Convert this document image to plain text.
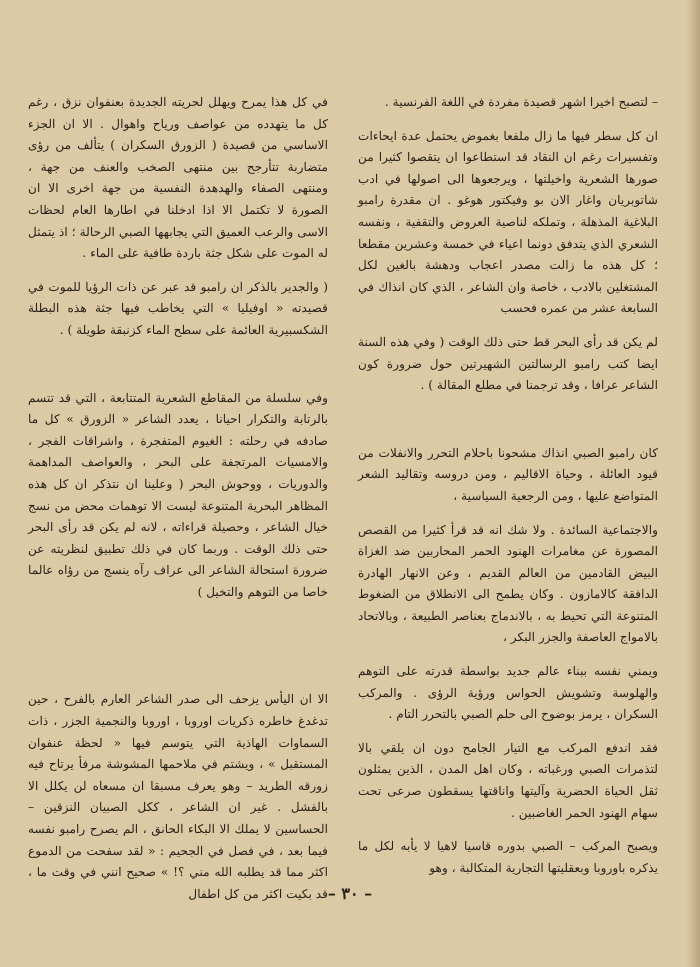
– لتصبح اخيرا اشهر قصيدة مفردة في اللغة الفرنسية .

ان كل سطر فيها ما زال ملفعا بغموض يحتمل عدة ايحاءات وتفسيرات رغم ان النقاد قد استطاعوا ان يتقصوا كثيرا من صورها الشعرية واخيلتها ، ويرجعوها الى اصولها في ادب شاتوبريان واغار الان بو وفيكتور هوغو . ان مقدرة رامبو البلاغية المذهلة ، وتملكه لناصية العروض والتقفية ، ونفسه الشعري الذي يتدفق دونما اعياء في خمسة وعشرين مقطعا ؛ كل هذه ما زالت مصدر اعجاب ودهشة بالغين لكل المشتغلين بالادب ، خاصة وان الشاعر ، الذي كان انذاك في السابعة عشر من عمره فحسب

لم يكن قد رأى البحر قط حتى ذلك الوقت ( وفي هذه السنة ايضا كتب رامبو الرسالتين الشهيرتين حول ضرورة كون الشاعر عرافا ، وقد ترجمنا في مطلع المقالة ) .

كان رامبو الصبي انذاك مشحونا باحلام التحرر والانفلات من قيود العائلة ، وحياة الاقاليم ، ومن دروسه وتقاليد الشعر المتواضع عليها ، ومن الرجعية السياسية ،

والاجتماعية السائدة . ولا شك انه قد قرأ كثيرا من القصص المصورة عن مغامرات الهنود الحمر المحاربين ضد الغزاة البيض القادمين من العالم القديم ، وعن الانهار الهادرة الدافقة كالامازون . وكان يطمح الى الانطلاق من الضغوط المتنوعة التي تحيط به ، بالاندماج بعناصر الطبيعة ، وبالاتحاد بالامواج العاصفة والجزر البكر ،

ويمني نفسه ببناء عالم جديد بواسطة قدرته على التوهم والهلوسة وتشويش الحواس ورؤية الرؤى . والمركب السكران ، يرمز بوضوح الى حلم الصبي بالتحرر التام .

فقد اندفع المركب مع التيار الجامح دون ان يلقي بالا لتذمرات الصبي ورغباته ، وكان اهل المدن ، الذين يمثلون ثقل الحياة الحضرية وآليتها واناقتها يسقطون صرعى تحت سهام الهنود الحمر الغاضبين .

ويصبح المركب – الصبي بدوره قاسيا لاهيا لا يأبه لكل ما يذكره باوروبا وبعقليتها التجارية المتكالبة ، وهو

في كل هذا يمرح ويهلل لحريته الجديدة بعنفوان نزق ، رغم كل ما يتهدده من عواصف ورياح واهوال . الا ان الجزء الاساسي من قصيدة ( الزورق السكران ) يتألف من رؤى متضاربة تتأرجح بين منتهى الصخب والعنف من جهة ، ومنتهى الصفاء والهدهدة النفسية من جهة اخرى الا ان الصورة لا تكتمل الا اذا ادخلنا في اطارها العام لحظات الاسى والرعب العميق التي يجابهها الصبي الرحالة ؛ اذ يتمثل له الموت على شكل جثة باردة طافية على الماء .

( والجدير بالذكر ان رامبو قد عبر عن ذات الرؤيا للموت في قصيدته « اوفيليا » التي يخاطب فيها جثة هذه البطلة الشكسبيرية العائمة على سطح الماء كزنبقة طويلة ) .

وفي سلسلة من المقاطع الشعرية المتتابعة ، التي قد تتسم بالرتابة والتكرار احيانا ، يعدد الشاعر « الزورق » كل ما صادفه في رحلته : الغيوم المتفجرة ، واشراقات الفجر ، والامسيات المرتجفة على البحر ، والعواصف المداهمة والدوريات ، ووحوش البحر ( وعلينا ان نتذكر ان كل هذه المظاهر البحرية المتنوعة ليست الا توهمات محض من نسج خيال الشاعر ، وحصيلة قراءاته ، لانه لم يكن قد رأى البحر حتى ذلك الوقت . وربما كان في ذلك تطبيق لنظريته عن ضرورة استحالة الشاعر الى عراف رآه ينسج من رؤاه عالما خاصا من التوهم والتخيل )

الا ان اليأس يزحف الى صدر الشاعر العارم بالفرح ، حين تدغدغ خاطره ذكريات اوروبا ، اوروبا والنجمية الجزر ، ذات السماوات الهاذية التي يتوسم فيها « لحظة عنفوان المستقبل » ، ويشتم في ملاحمها المشوشة مرفأ يرتاح فيه زورقه الطريد – وهو يعرف مسبقا ان مسعاه لن يكلل الا بالفشل . غير ان الشاعر ، ككل الصبيان النزقين – الحساسين لا يملك الا البكاء الحانق ، الم يصرح رامبو نفسه فيما بعد ، في فصل في الجحيم : « لقد سفحت من الدموع اكثر مما قد يطلبه الله مني ؟! » صحيح انني في وقت ما ، قد بكيت اكثر من كل اطفال – ٣٠ –
